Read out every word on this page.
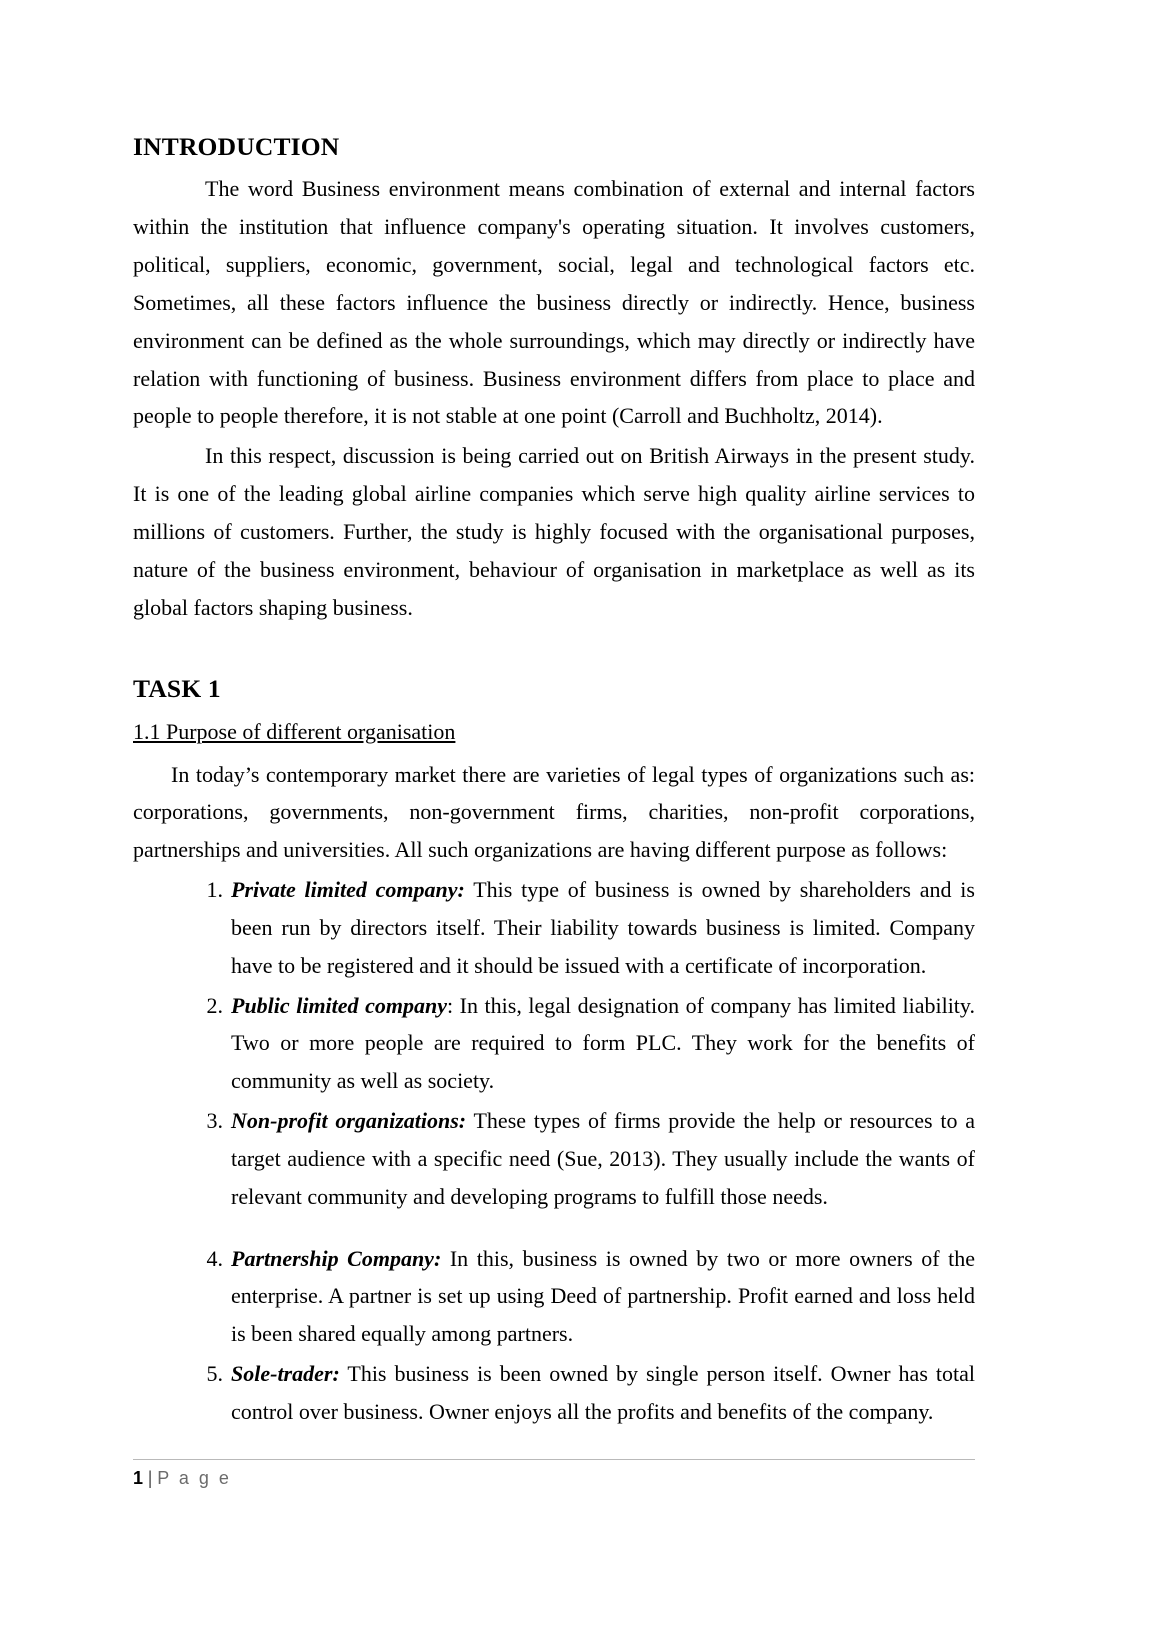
INTRODUCTION

The word Business environment means combination of external and internal factors within the institution that influence company's operating situation. It involves customers, political, suppliers, economic, government, social, legal and technological factors etc. Sometimes, all these factors influence the business directly or indirectly. Hence, business environment can be defined as the whole surroundings, which may directly or indirectly have relation with functioning of business. Business environment differs from place to place and people to people therefore, it is not stable at one point (Carroll and Buchholtz, 2014).

In this respect, discussion is being carried out on British Airways in the present study. It is one of the leading global airline companies which serve high quality airline services to millions of customers. Further, the study is highly focused with the organisational purposes, nature of the business environment, behaviour of organisation in marketplace as well as its global factors shaping business.

TASK 1
1.1 Purpose of different organisation

In today’s contemporary market there are varieties of legal types of organizations such as: corporations, governments, non-government firms, charities, non-profit corporations, partnerships and universities. All such organizations are having different purpose as follows:

1. Private limited company: This type of business is owned by shareholders and is been run by directors itself. Their liability towards business is limited. Company have to be registered and it should be issued with a certificate of incorporation.
2. Public limited company: In this, legal designation of company has limited liability. Two or more people are required to form PLC. They work for the benefits of community as well as society.
3. Non-profit organizations: These types of firms provide the help or resources to a target audience with a specific need (Sue, 2013). They usually include the wants of relevant community and developing programs to fulfill those needs.
4. Partnership Company: In this, business is owned by two or more owners of the enterprise. A partner is set up using Deed of partnership. Profit earned and loss held is been shared equally among partners.
5. Sole-trader: This business is been owned by single person itself. Owner has total control over business. Owner enjoys all the profits and benefits of the company.
1 | P a g e
